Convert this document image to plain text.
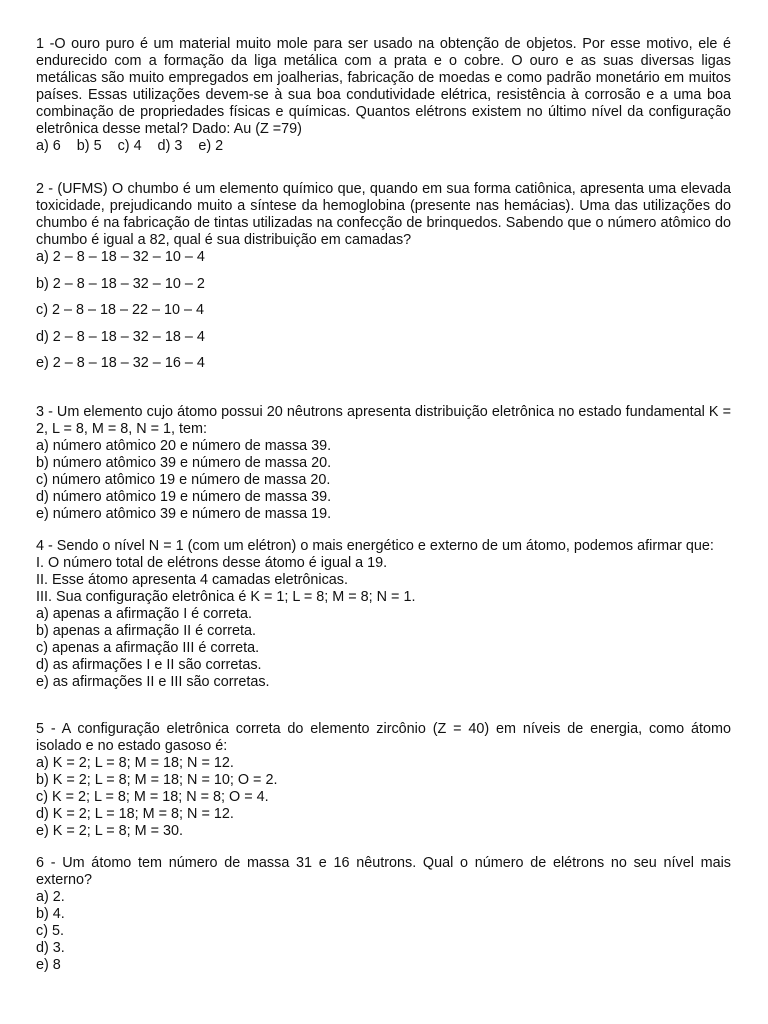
1 -O ouro puro é um material muito mole para ser usado na obtenção de objetos. Por esse motivo, ele é endurecido com a formação da liga metálica com a prata e o cobre. O ouro e as suas diversas ligas metálicas são muito empregados em joalherias, fabricação de moedas e como padrão monetário em muitos países. Essas utilizações devem-se à sua boa condutividade elétrica, resistência à corrosão e a uma boa combinação de propriedades físicas e químicas. Quantos elétrons existem no último nível da configuração eletrônica desse metal? Dado: Au (Z =79)

a) 6    b) 5    c) 4    d) 3    e) 2

2 - (UFMS) O chumbo é um elemento químico que, quando em sua forma catiônica, apresenta uma elevada toxicidade, prejudicando muito a síntese da hemoglobina (presente nas hemácias). Uma das utilizações do chumbo é na fabricação de tintas utilizadas na confecção de brinquedos. Sabendo que o número atômico do chumbo é igual a 82, qual é sua distribuição em camadas?

a) 2 – 8 – 18 – 32 – 10 – 4

b) 2 – 8 – 18 – 32 – 10 – 2

c) 2 – 8 – 18 – 22 – 10 – 4

d) 2 – 8 – 18 – 32 – 18 – 4

e) 2 – 8 – 18 – 32 – 16 – 4

3 - Um elemento cujo átomo possui 20 nêutrons apresenta distribuição eletrônica no estado fundamental K = 2, L = 8, M = 8, N = 1, tem:

a) número atômico 20 e número de massa 39.

b) número atômico 39 e número de massa 20.

c) número atômico 19 e número de massa 20.

d) número atômico 19 e número de massa 39.

e) número atômico 39 e número de massa 19.

4 - Sendo o nível N = 1 (com um elétron) o mais energético e externo de um átomo, podemos afirmar que:

I. O número total de elétrons desse átomo é igual a 19.

II. Esse átomo apresenta 4 camadas eletrônicas.

III. Sua configuração eletrônica é K = 1; L = 8; M = 8; N = 1.

a) apenas a afirmação I é correta.

b) apenas a afirmação II é correta.

c) apenas a afirmação III é correta.

d) as afirmações I e II são corretas.

e) as afirmações II e III são corretas.

5 - A configuração eletrônica correta do elemento zircônio (Z = 40) em níveis de energia, como átomo isolado e no estado gasoso é:

a) K = 2; L = 8; M = 18; N = 12.

b) K = 2; L = 8; M = 18; N = 10; O = 2.

c) K = 2; L = 8; M = 18; N = 8; O = 4.

d) K = 2; L = 18; M = 8; N = 12.

e) K = 2; L = 8; M = 30.

6 - Um átomo tem número de massa 31 e 16 nêutrons. Qual o número de elétrons no seu nível mais externo?

a) 2.

b) 4.

c) 5.

d) 3.

e) 8
